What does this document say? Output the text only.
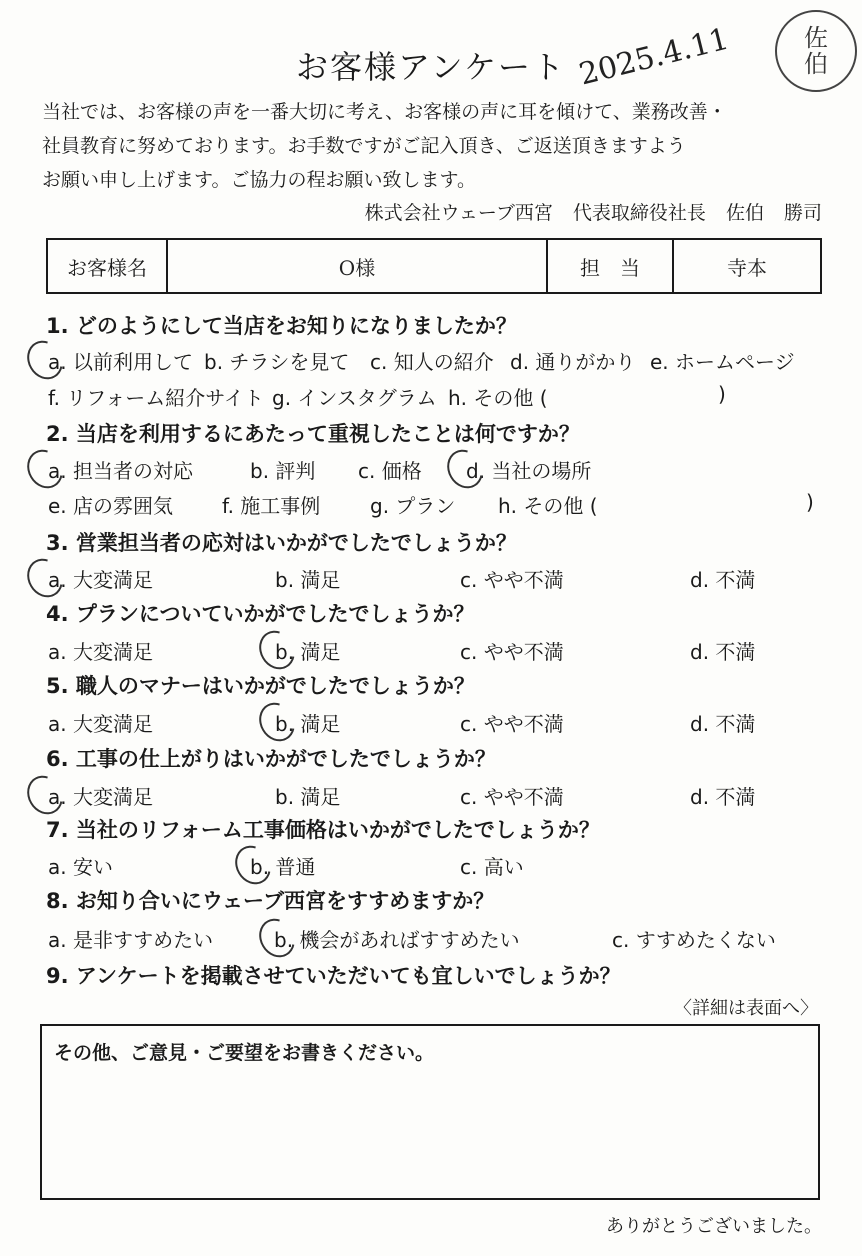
お客様アンケート
佐
伯
2025.4.11
当社では、お客様の声を一番大切に考え、お客様の声に耳を傾けて、業務改善・
社員教育に努めております。お手数ですがご記入頂き、ご返送頂きますよう
お願い申し上げます。ご協力の程お願い致します。
株式会社ウェーブ西宮 代表取締役社長 佐伯 勝司
お客様名	O様	担　当	寺本
1. どのようにして当店をお知りになりましたか？
a. 以前利用して b. チラシを見て c. 知人の紹介 d. 通りがかり e. ホームページ
f. リフォーム紹介サイト g. インスタグラム h. その他 (	)
2. 当店を利用するにあたって重視したことは何ですか？
a. 担当者の対応	b. 評判 c. 価格 d. 当社の場所
e. 店の雰囲気 f. 施工事例 g. プラン h. その他 (	)
3. 営業担当者の応対はいかがでしたでしょうか？
a. 大変満足	b. 満足	c. やや不満	d. 不満
4. プランについていかがでしたでしょうか？
a. 大変満足	b. 満足	c. やや不満	d. 不満
5. 職人のマナーはいかがでしたでしょうか？
a. 大変満足	b. 満足	c. やや不満	d. 不満
6. 工事の仕上がりはいかがでしたでしょうか？
a. 大変満足	b. 満足	c. やや不満	d. 不満
7. 当社のリフォーム工事価格はいかがでしたでしょうか？
a. 安い	b. 普通	c. 高い
8. お知り合いにウェーブ西宮をすすめますか？
a. 是非すすめたい	b. 機会があればすすめたい	c. すすめたくない
9. アンケートを掲載させていただいても宜しいでしょうか？
〈詳細は表面へ〉
その他、ご意見・ご要望をお書きください。
ありがとうございました。
